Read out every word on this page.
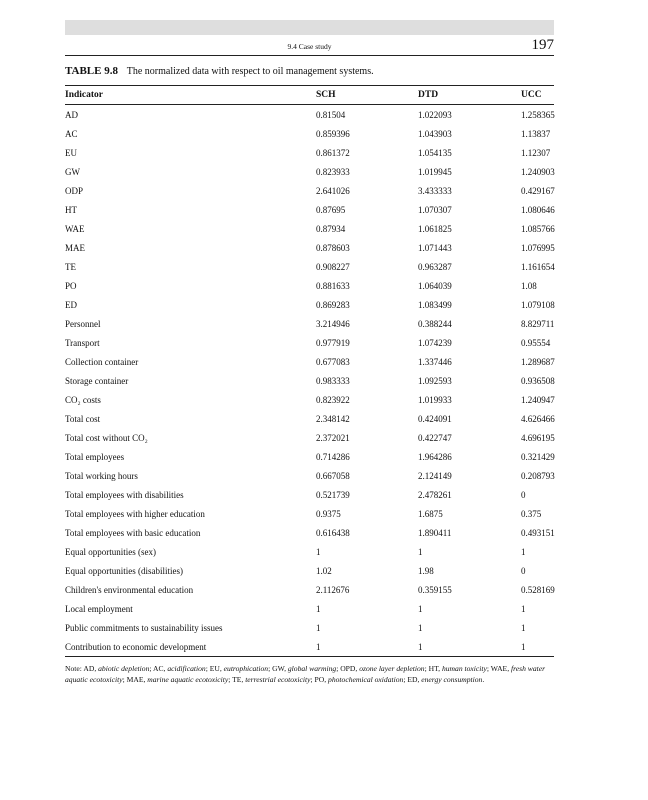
9.4 Case study	197
TABLE 9.8 The normalized data with respect to oil management systems.
Indicator	SCH	DTD	UCC
AD	0.81504	1.022093	1.258365
AC	0.859396	1.043903	1.13837
EU	0.861372	1.054135	1.12307
GW	0.823933	1.019945	1.240903
ODP	2.641026	3.433333	0.429167
HT	0.87695	1.070307	1.080646
WAE	0.87934	1.061825	1.085766
MAE	0.878603	1.071443	1.076995
TE	0.908227	0.963287	1.161654
PO	0.881633	1.064039	1.08
ED	0.869283	1.083499	1.079108
Personnel	3.214946	0.388244	8.829711
Transport	0.977919	1.074239	0.95554
Collection container	0.677083	1.337446	1.289687
Storage container	0.983333	1.092593	0.936508
CO₂ costs	0.823922	1.019933	1.240947
Total cost	2.348142	0.424091	4.626466
Total cost without CO₂	2.372021	0.422747	4.696195
Total employees	0.714286	1.964286	0.321429
Total working hours	0.667058	2.124149	0.208793
Total employees with disabilities	0.521739	2.478261	0
Total employees with higher education	0.9375	1.6875	0.375
Total employees with basic education	0.616438	1.890411	0.493151
Equal opportunities (sex)	1	1	1
Equal opportunities (disabilities)	1.02	1.98	0
Children's environmental education	2.112676	0.359155	0.528169
Local employment	1	1	1
Public commitments to sustainability issues	1	1	1
Contribution to economic development	1	1	1
Note: AD, abiotic depletion; AC, acidification; EU, eutrophication; GW, global warming; OPD, ozone layer depletion; HT, human toxicity; WAE, fresh water aquatic ecotoxicity; MAE, marine aquatic ecotoxicity; TE, terrestrial ecotoxicity; PO, photochemical oxidation; ED, energy consumption.
